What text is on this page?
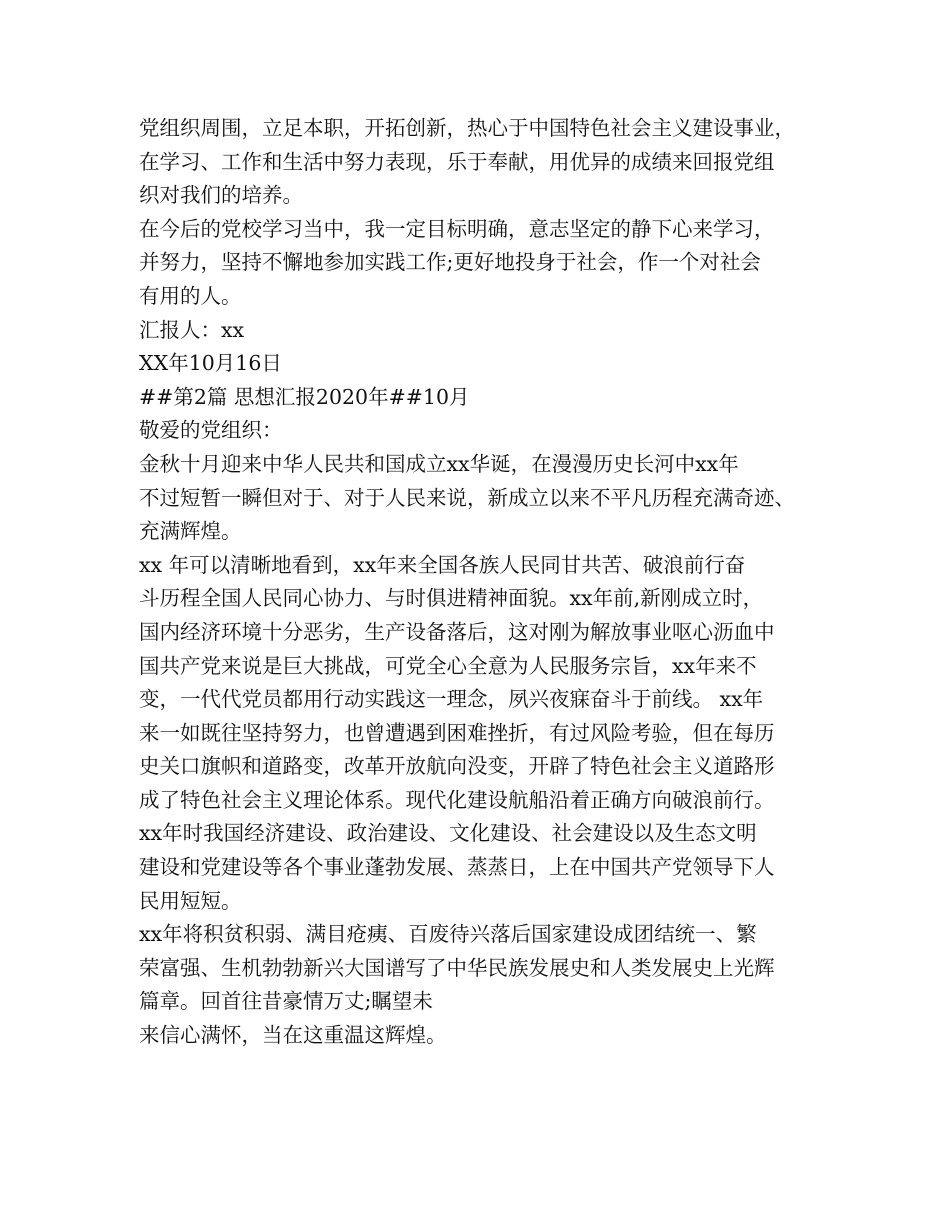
党组织周围，立足本职，开拓创新，热心于中国特色社会主义建设事业，
在学习、工作和生活中努力表现，乐于奉献，用优异的成绩来回报党组
织对我们的培养。
在今后的党校学习当中，我一定目标明确，意志坚定的静下心来学习，
并努力，坚持不懈地参加实践工作;更好地投身于社会，作一个对社会
有用的人。
汇报人：xx
XX年10月16日
##第2篇 思想汇报2020年##10月
敬爱的党组织：
金秋十月迎来中华人民共和国成立xx华诞，在漫漫历史长河中xx年
不过短暂一瞬但对于、对于人民来说，新成立以来不平凡历程充满奇迹、
充满辉煌。
xx 年可以清晰地看到，xx年来全国各族人民同甘共苦、破浪前行奋
斗历程全国人民同心协力、与时俱进精神面貌。xx年前,新刚成立时，
国内经济环境十分恶劣，生产设备落后，这对刚为解放事业呕心沥血中
国共产党来说是巨大挑战，可党全心全意为人民服务宗旨，xx年来不
变，一代代党员都用行动实践这一理念，夙兴夜寐奋斗于前线。 xx年
来一如既往坚持努力，也曾遭遇到困难挫折，有过风险考验，但在每历
史关口旗帜和道路变，改革开放航向没变，开辟了特色社会主义道路形
成了特色社会主义理论体系。现代化建设航船沿着正确方向破浪前行。
xx年时我国经济建设、政治建设、文化建设、社会建设以及生态文明
建设和党建设等各个事业蓬勃发展、蒸蒸日，上在中国共产党领导下人
民用短短。
xx年将积贫积弱、满目疮痍、百废待兴落后国家建设成团结统一、繁
荣富强、生机勃勃新兴大国谱写了中华民族发展史和人类发展史上光辉
篇章。回首往昔豪情万丈;瞩望未
来信心满怀，当在这重温这辉煌。
